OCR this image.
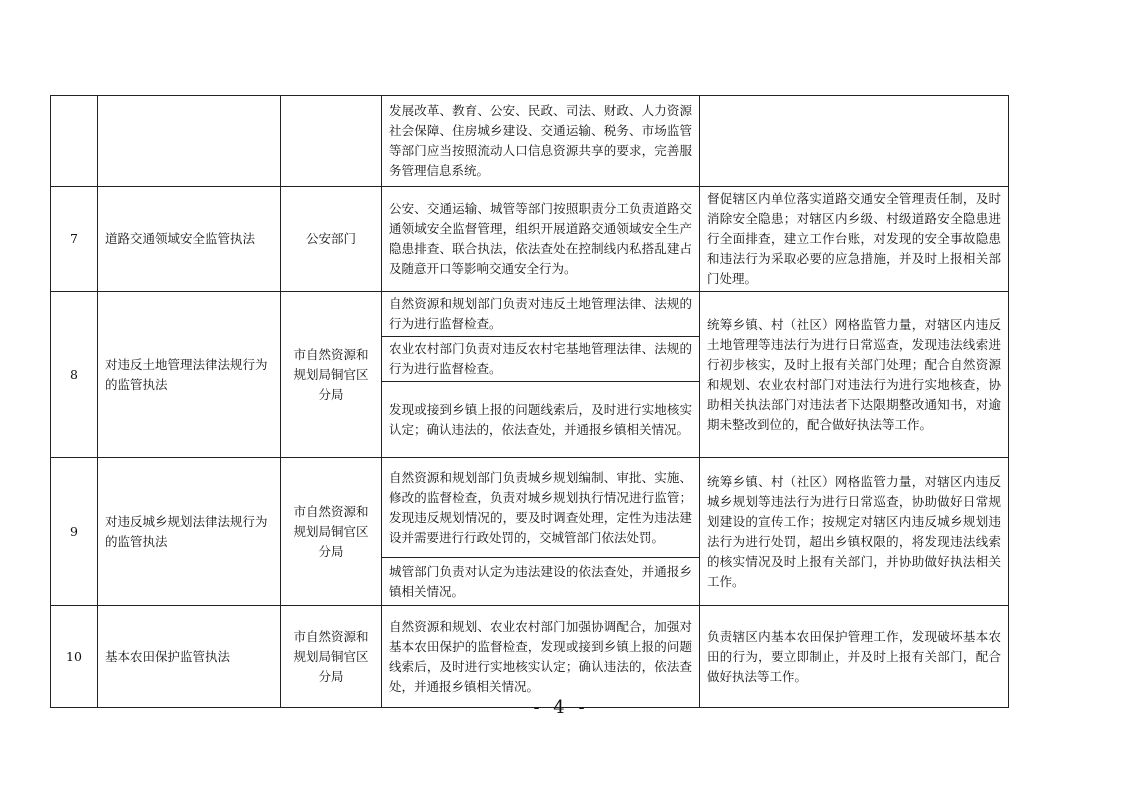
			发展改革、教育、公安、民政、司法、财政、人力资源社会保障、住房城乡建设、交通运输、税务、市场监管等部门应当按照流动人口信息资源共享的要求，完善服务管理信息系统。	
7	道路交通领域安全监管执法	公安部门	公安、交通运输、城管等部门按照职责分工负责道路交通领域安全监督管理，组织开展道路交通领域安全生产隐患排查、联合执法，依法查处在控制线内私搭乱建占及随意开口等影响交通安全行为。	督促辖区内单位落实道路交通安全管理责任制，及时消除安全隐患；对辖区内乡级、村级道路安全隐患进行全面排查，建立工作台账，对发现的安全事故隐患和违法行为采取必要的应急措施，并及时上报相关部门处理。
8	对违反土地管理法律法规行为的监管执法	市自然资源和规划局铜官区分局	自然资源和规划部门负责对违反土地管理法律、法规的行为进行监督检查。	统筹乡镇、村（社区）网格监管力量，对辖区内违反土地管理等违法行为进行日常巡查，发现违法线索进行初步核实，及时上报有关部门处理；配合自然资源和规划、农业农村部门对违法行为进行实地核查，协助相关执法部门对违法者下达限期整改通知书，对逾期未整改到位的，配合做好执法等工作。
			农业农村部门负责对违反农村宅基地管理法律、法规的行为进行监督检查。	
			发现或接到乡镇上报的问题线索后，及时进行实地核实认定；确认违法的，依法查处，并通报乡镇相关情况。	
9	对违反城乡规划法律法规行为的监管执法	市自然资源和规划局铜官区分局	自然资源和规划部门负责城乡规划编制、审批、实施、修改的监督检查，负责对城乡规划执行情况进行监管；发现违反规划情况的，要及时调查处理，定性为违法建设并需要进行行政处罚的，交城管部门依法处罚。	统筹乡镇、村（社区）网格监管力量，对辖区内违反城乡规划等违法行为进行日常巡查，协助做好日常规划建设的宣传工作；按规定对辖区内违反城乡规划违法行为进行处罚，超出乡镇权限的，将发现违法线索的核实情况及时上报有关部门，并协助做好执法相关工作。
			城管部门负责对认定为违法建设的依法查处，并通报乡镇相关情况。	
10	基本农田保护监管执法	市自然资源和规划局铜官区分局	自然资源和规划、农业农村部门加强协调配合，加强对基本农田保护的监督检查，发现或接到乡镇上报的问题线索后，及时进行实地核实认定；确认违法的，依法查处，并通报乡镇相关情况。	负责辖区内基本农田保护管理工作，发现破坏基本农田的行为，要立即制止，并及时上报有关部门，配合做好执法等工作。
- 4 -
